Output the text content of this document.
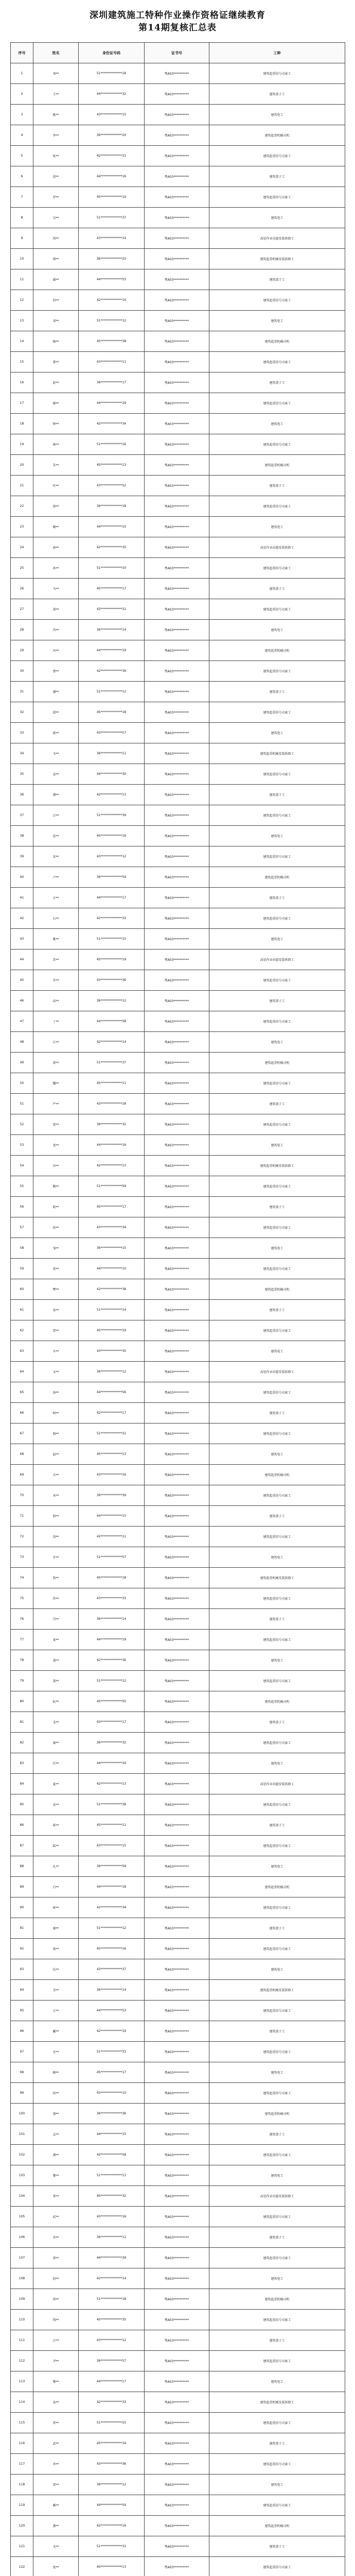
深圳建筑施工特种作业操作资格证继续教育
第14期复核汇总表
序号	姓名	身份证号码	证书号	工种
1	刘**	51**************18	粤A03**********	建筑起重信号司索工
2	王**	44**************32	粤A03**********	建筑架子工
3	陈**	43**************15	粤A03**********	建筑电工
4	李**	36**************2X	粤A03**********	建筑起重机械司机
5	张**	42**************31	粤A03**********	建筑起重信号司索工
6	黄**	44**************16	粤A03**********	建筑架子工
7	罗**	45**************19	粤A03**********	建筑起重信号司索工
8	吴**	51**************37	粤A03**********	建筑电工
9	周**	43**************14	粤A03**********	高处作业吊篮安装拆卸工
10	郑**	36**************25	粤A03**********	建筑起重机械安装拆卸工
11	谢**	44**************53	粤A03**********	建筑架子工
12	何**	42**************16	粤A03**********	建筑起重信号司索工
13	邓**	51**************12	粤A03**********	建筑电工
14	杨**	45**************38	粤A03**********	建筑起重机械司机
15	曾**	43**************11	粤A03**********	建筑起重信号司索工
16	彭**	36**************17	粤A03**********	建筑架子工
17	廖**	44**************29	粤A03**********	建筑起重信号司索工
18	钟**	42**************34	粤A03**********	建筑电工
19	林**	51**************16	粤A03**********	建筑起重信号司索工
20	朱**	45**************13	粤A03**********	建筑起重机械司机
21	叶**	43**************52	粤A03**********	建筑架子工
22	徐**	36**************18	粤A03**********	建筑起重信号司索工
23	赖**	44**************15	粤A03**********	建筑电工
24	唐**	42**************35	粤A03**********	高处作业吊篮安装拆卸工
25	孙**	51**************10	粤A03**********	建筑起重信号司索工
26	马**	45**************17	粤A03**********	建筑架子工
27	胡**	43**************31	粤A03**********	建筑起重信号司索工
28	肖**	36**************14	粤A03**********	建筑电工
29	冯**	44**************19	粤A03**********	建筑起重机械司机
30	蔡**	42**************36	粤A03**********	建筑起重信号司索工
31	潘**	51**************12	粤A03**********	建筑架子工
32	邱**	45**************18	粤A03**********	建筑起重信号司索工
33	蒋**	43**************57	粤A03**********	建筑电工
34	韦**	36**************11	粤A03**********	建筑起重机械安装拆卸工
35	袁**	44**************30	粤A03**********	建筑起重信号司索工
36	谭**	42**************13	粤A03**********	建筑架子工
37	汪**	51**************39	粤A03**********	建筑起重信号司索工
38	范**	45**************16	粤A03**********	建筑电工
39	宋**	43**************12	粤A03**********	建筑起重信号司索工
40	卢**	36**************54	粤A03**********	建筑起重机械司机
41	方**	44**************17	粤A03**********	建筑架子工
42	石**	42**************33	粤A03**********	建筑起重信号司索工
43	姚**	51**************15	粤A03**********	建筑电工
44	苏**	45**************19	粤A03**********	高处作业吊篮安装拆卸工
45	许**	43**************36	粤A03**********	建筑起重信号司索工
46	高**	36**************12	粤A03**********	建筑架子工
47	丁**	44**************58	粤A03**********	建筑起重信号司索工
48	江**	42**************14	粤A03**********	建筑电工
49	雷**	51**************37	粤A03**********	建筑起重机械司机
50	魏**	45**************11	粤A03**********	建筑起重信号司索工
51	严**	43**************18	粤A03**********	建筑架子工
52	梁**	36**************32	粤A03**********	建筑起重信号司索工
53	龙**	44**************16	粤A03**********	建筑电工
54	田**	42**************13	粤A03**********	建筑起重机械安装拆卸工
55	熊**	51**************59	粤A03**********	建筑起重信号司索工
56	欧**	45**************17	粤A03**********	建筑架子工
57	侯**	43**************34	粤A03**********	建筑起重信号司索工
58	邹**	36**************15	粤A03**********	建筑电工
59	莫**	44**************10	粤A03**********	建筑起重信号司索工
60	覃**	42**************38	粤A03**********	建筑起重机械司机
61	易**	51**************14	粤A03**********	建筑架子工
62	贺**	45**************19	粤A03**********	建筑起重信号司索工
63	车**	43**************35	粤A03**********	建筑电工
64	文**	36**************12	粤A03**********	高处作业吊篮安装拆卸工
65	汤**	44**************56	粤A03**********	建筑起重信号司索工
66	柯**	42**************17	粤A03**********	建筑架子工
67	骆**	51**************31	粤A03**********	建筑起重信号司索工
68	温**	45**************13	粤A03**********	建筑电工
69	古**	43**************16	粤A03**********	建筑起重机械司机
70	巫**	36**************39	粤A03**********	建筑起重信号司索工
71	简**	44**************15	粤A03**********	建筑架子工
72	涂**	42**************11	粤A03**********	建筑起重信号司索工
73	甘**	51**************57	粤A03**********	建筑电工
74	詹**	45**************18	粤A03**********	建筑起重机械安装拆卸工
75	符**	43**************33	粤A03**********	建筑起重信号司索工
76	邝**	36**************14	粤A03**********	建筑架子工
77	麦**	44**************19	粤A03**********	建筑起重信号司索工
78	凌**	42**************36	粤A03**********	建筑电工
79	洪**	51**************12	粤A03**********	建筑起重信号司索工
80	阮**	45**************55	粤A03**********	建筑起重机械司机
81	毛**	43**************17	粤A03**********	建筑架子工
82	秦**	36**************32	粤A03**********	建筑起重信号司索工
83	任**	44**************16	粤A03**********	建筑电工
84	夏**	42**************13	粤A03**********	高处作业吊篮安装拆卸工
85	姜**	51**************38	粤A03**********	建筑起重信号司索工
86	崔**	45**************11	粤A03**********	建筑架子工
87	陆**	43**************15	粤A03**********	建筑起重信号司索工
88	孔**	36**************59	粤A03**********	建筑电工
89	白**	44**************18	粤A03**********	建筑起重机械司机
90	崔**	42**************34	粤A03**********	建筑起重信号司索工
91	康**	51**************12	粤A03**********	建筑架子工
92	葛**	45**************16	粤A03**********	建筑起重信号司索工
93	伍**	43**************37	粤A03**********	建筑电工
94	余**	36**************14	粤A03**********	建筑起重机械安装拆卸工
95	万**	44**************53	粤A03**********	建筑起重信号司索工
96	戴**	42**************19	粤A03**********	建筑架子工
97	史**	51**************31	粤A03**********	建筑起重信号司索工
98	顾**	45**************17	粤A03**********	建筑电工
99	侯**	43**************10	粤A03**********	建筑起重信号司索工
100	邵**	36**************36	粤A03**********	建筑起重机械司机
101	孟**	44**************15	粤A03**********	建筑架子工
102	龚**	42**************58	粤A03**********	建筑起重信号司索工
103	黎**	51**************13	粤A03**********	建筑电工
104	常**	45**************32	粤A03**********	高处作业吊篮安装拆卸工
105	武**	43**************16	粤A03**********	建筑起重信号司索工
106	乔**	36**************11	粤A03**********	建筑架子工
107	贾**	44**************39	粤A03**********	建筑起重信号司索工
108	段**	42**************14	粤A03**********	建筑电工
109	雷**	51**************18	粤A03**********	建筑起重机械司机
110	钱**	45**************35	粤A03**********	建筑起重信号司索工
111	汪**	43**************12	粤A03**********	建筑架子工
112	尹**	36**************57	粤A03**********	建筑起重信号司索工
113	黎**	44**************17	粤A03**********	建筑电工
114	易**	42**************33	粤A03**********	建筑起重机械安装拆卸工
115	常**	51**************15	粤A03**********	建筑起重信号司索工
116	武**	45**************19	粤A03**********	建筑架子工
117	乔**	43**************36	粤A03**********	建筑起重信号司索工
118	贺**	36**************12	粤A03**********	建筑电工
119	赖**	44**************54	粤A03**********	建筑起重信号司索工
120	龚**	42**************16	粤A03**********	建筑起重机械司机
121	文**	51**************31	粤A03**********	建筑架子工
122	庞**	45**************13	粤A03**********	建筑起重信号司索工
